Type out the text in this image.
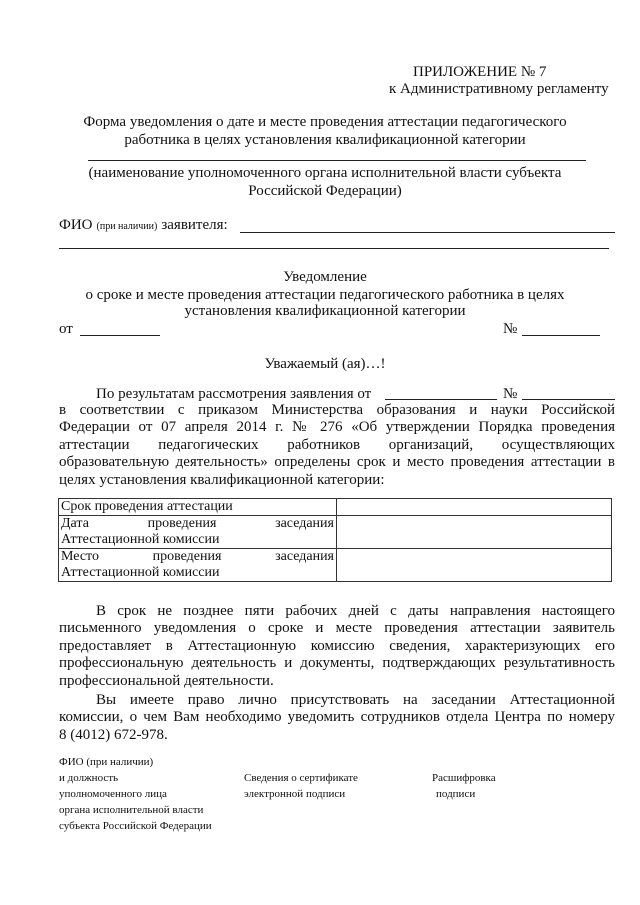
ПРИЛОЖЕНИЕ № 7
к Административному регламенту
Форма уведомления о дате и месте проведения аттестации педагогического
работника в целях установления квалификационной категории
(наименование уполномоченного органа исполнительной власти субъекта
Российской Федерации)
ФИО (при наличии) заявителя:
Уведомление
о сроке и месте проведения аттестации педагогического работника в целях
установления квалификационной категории
от	№
Уважаемый (ая)…!
По результатам рассмотрения заявления от	№
в соответствии с приказом Министерства образования и науки Российской
Федерации от 07 апреля 2014 г. № 276 «Об утверждении Порядка проведения
аттестации педагогических работников организаций, осуществляющих
образовательную деятельность» определены срок и место проведения аттестации в
целях установления квалификационной категории:
Срок проведения аттестации	

Дата проведения заседания
Аттестационной комиссии	

Место проведения заседания
Аттестационной комиссии	

В срок не позднее пяти рабочих дней с даты направления настоящего
письменного уведомления о сроке и месте проведения аттестации заявитель
предоставляет в Аттестационную комиссию сведения, характеризующих его
профессиональную деятельность и документы, подтверждающих результативность
профессиональной деятельности.
Вы имеете право лично присутствовать на заседании Аттестационной
комиссии, о чем Вам необходимо уведомить сотрудников отдела Центра по номеру
8 (4012) 672-978.
ФИО (при наличии)
и должность
уполномоченного лица
органа исполнительной власти
субъекта Российской Федерации
Сведения о сертификате
электронной подписи
Расшифровка
подписи
